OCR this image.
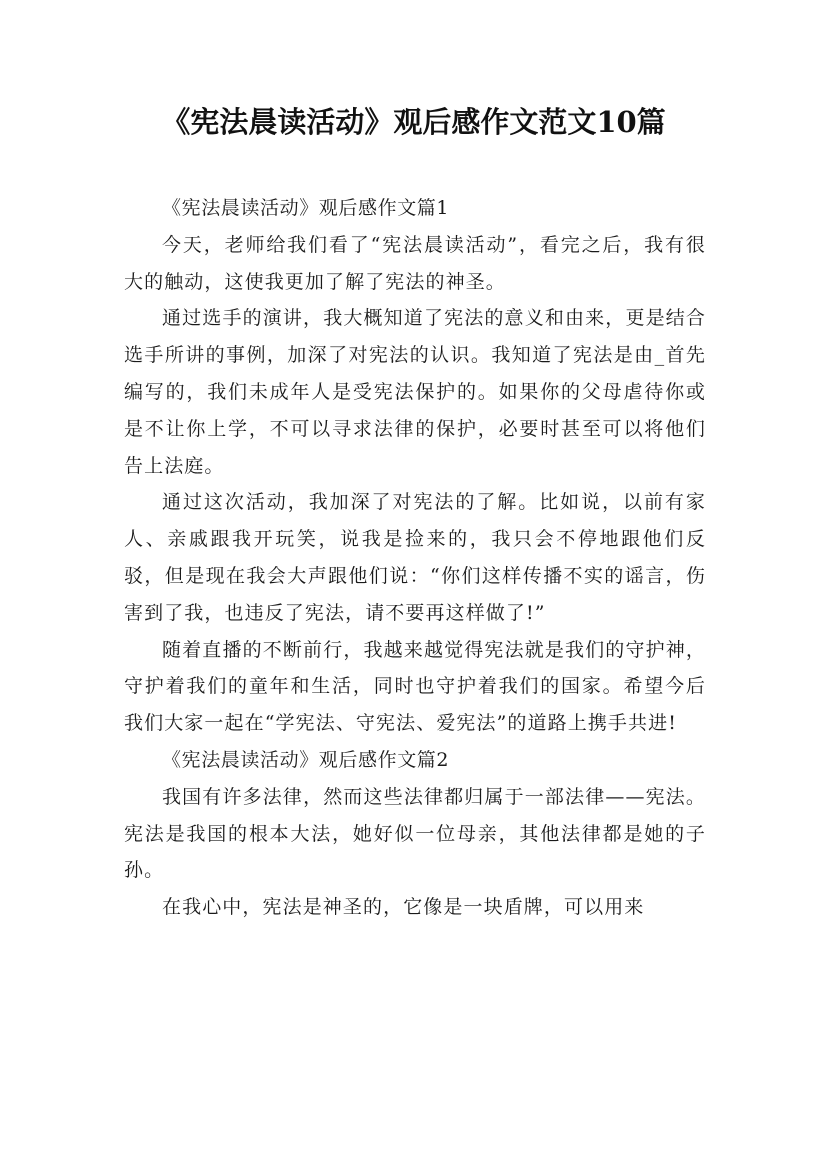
《宪法晨读活动》观后感作文范文10篇

《宪法晨读活动》观后感作文篇1

今天，老师给我们看了“宪法晨读活动”，看完之后，我有很大的触动，这使我更加了解了宪法的神圣。

通过选手的演讲，我大概知道了宪法的意义和由来，更是结合选手所讲的事例，加深了对宪法的认识。我知道了宪法是由_首先编写的，我们未成年人是受宪法保护的。如果你的父母虐待你或是不让你上学，不可以寻求法律的保护，必要时甚至可以将他们告上法庭。

通过这次活动，我加深了对宪法的了解。比如说，以前有家人、亲戚跟我开玩笑，说我是捡来的，我只会不停地跟他们反驳，但是现在我会大声跟他们说：“你们这样传播不实的谣言，伤害到了我，也违反了宪法，请不要再这样做了!”

随着直播的不断前行，我越来越觉得宪法就是我们的守护神，守护着我们的童年和生活，同时也守护着我们的国家。希望今后我们大家一起在“学宪法、守宪法、爱宪法”的道路上携手共进!

《宪法晨读活动》观后感作文篇2

我国有许多法律，然而这些法律都归属于一部法律——宪法。宪法是我国的根本大法，她好似一位母亲，其他法律都是她的子孙。

在我心中，宪法是神圣的，它像是一块盾牌，可以用来
